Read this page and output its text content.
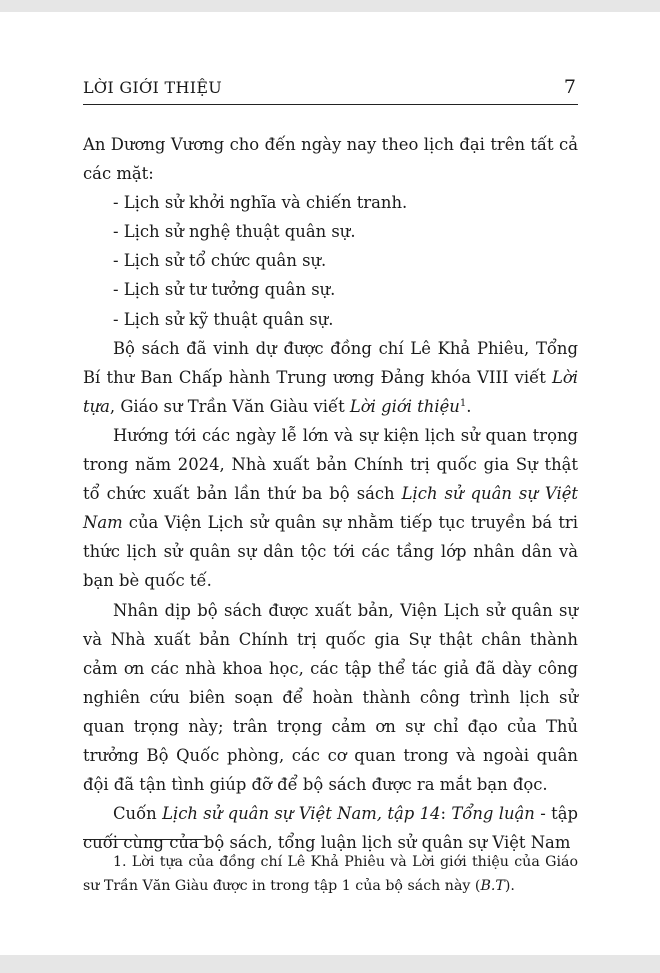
LỜI GIỚI THIỆU	7

An Dương Vương cho đến ngày nay theo lịch đại trên tất cả các mặt:

- Lịch sử khởi nghĩa và chiến tranh.
- Lịch sử nghệ thuật quân sự.
- Lịch sử tổ chức quân sự.
- Lịch sử tư tưởng quân sự.
- Lịch sử kỹ thuật quân sự.

Bộ sách đã vinh dự được đồng chí Lê Khả Phiêu, Tổng Bí thư Ban Chấp hành Trung ương Đảng khóa VIII viết Lời tựa, Giáo sư Trần Văn Giàu viết Lời giới thiệu$^1$.

Hướng tới các ngày lễ lớn và sự kiện lịch sử quan trọng trong năm 2024, Nhà xuất bản Chính trị quốc gia Sự thật tổ chức xuất bản lần thứ ba bộ sách Lịch sử quân sự Việt Nam của Viện Lịch sử quân sự nhằm tiếp tục truyền bá tri thức lịch sử quân sự dân tộc tới các tầng lớp nhân dân và bạn bè quốc tế.

Nhân dịp bộ sách được xuất bản, Viện Lịch sử quân sự và Nhà xuất bản Chính trị quốc gia Sự thật chân thành cảm ơn các nhà khoa học, các tập thể tác giả đã dày công nghiên cứu biên soạn để hoàn thành công trình lịch sử quan trọng này; trân trọng cảm ơn sự chỉ đạo của Thủ trưởng Bộ Quốc phòng, các cơ quan trong và ngoài quân đội đã tận tình giúp đỡ để bộ sách được ra mắt bạn đọc.

Cuốn Lịch sử quân sự Việt Nam, tập 14: Tổng luận - tập cuối cùng của bộ sách, tổng luận lịch sử quân sự Việt Nam

1. Lời tựa của đồng chí Lê Khả Phiêu và Lời giới thiệu của Giáo sư Trần Văn Giàu được in trong tập 1 của bộ sách này (B.T).
